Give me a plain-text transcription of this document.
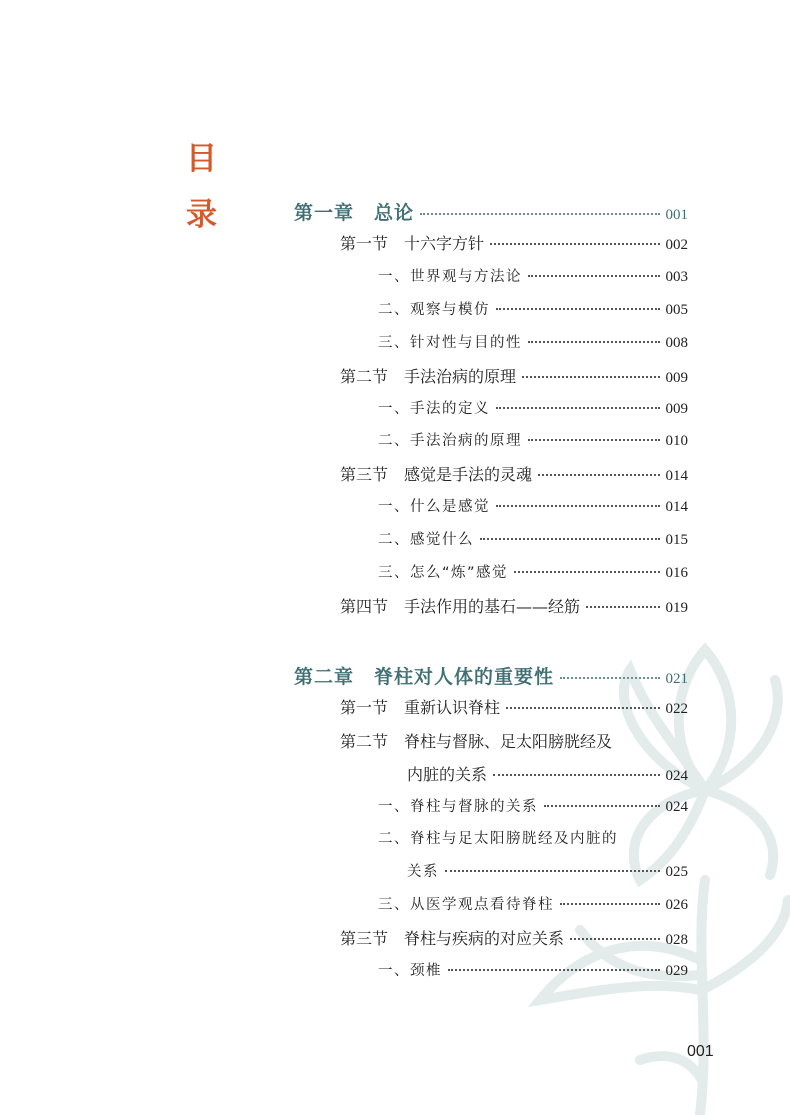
目
录	第一章　总论	001
第一节　十六字方针	002
一、世界观与方法论	003
二、观察与模仿	005
三、针对性与目的性	008
第二节　手法治病的原理	009
一、手法的定义	009
二、手法治病的原理	010
第三节　感觉是手法的灵魂	014
一、什么是感觉	014
二、感觉什么	015
三、怎么“炼”感觉	016
第四节　手法作用的基石——经筋	019
第二章　脊柱对人体的重要性	021
第一节　重新认识脊柱	022
第二节　脊柱与督脉、足太阳膀胱经及
内脏的关系	024
一、脊柱与督脉的关系	024
二、脊柱与足太阳膀胱经及内脏的
关系	025
三、从医学观点看待脊柱	026
第三节　脊柱与疾病的对应关系	028
一、颈椎	029
001
